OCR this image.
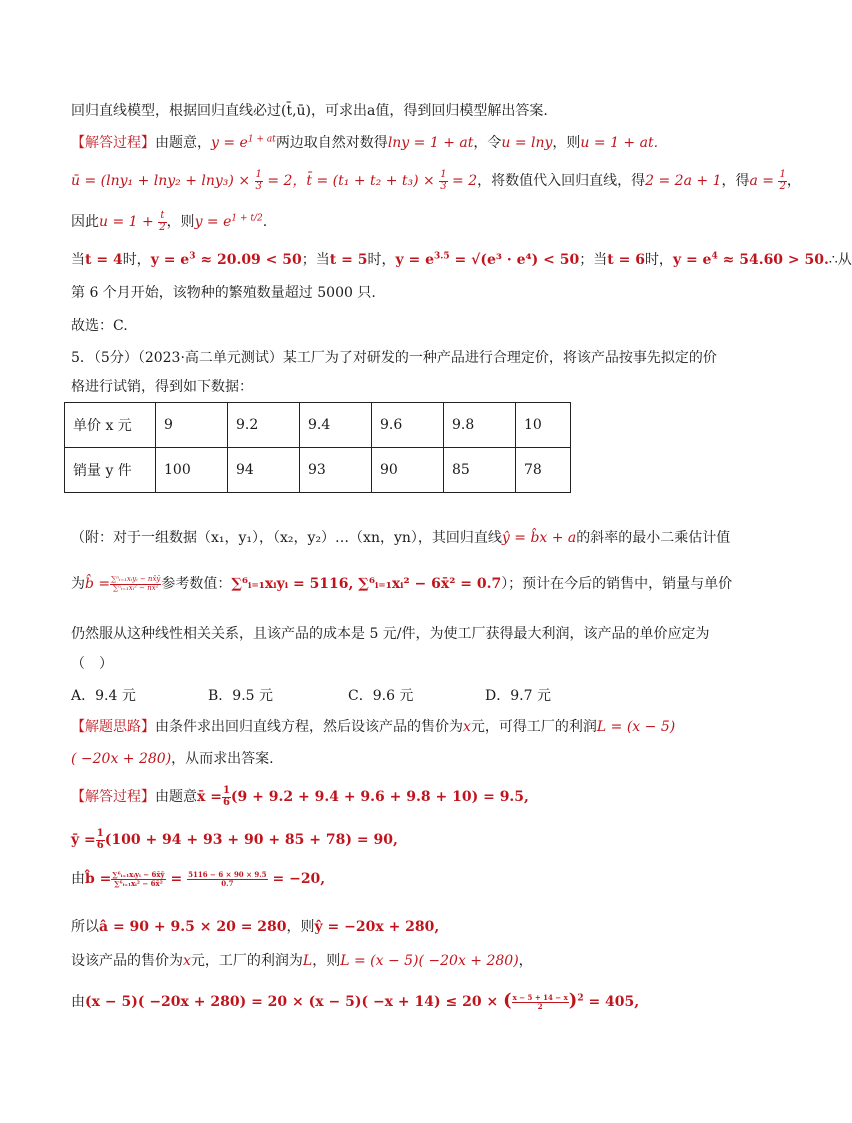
回归直线模型，根据回归直线必过(t̄,ū)，可求出a值，得到回归模型解出答案.
【解答过程】由题意，$y = e^{1 + at}$两边取自然对数得lny = 1 + at，令u = lny，则u = 1 + at.
ū = $(\ln y_1 + \ln y_2 + \ln y_3) \times \frac{1}{3} = 2$，t̄ = $(t_1 + t_2 + t_3) \times \frac{1}{3} = 2$，将数值代入回归直线，得2 = 2a + 1，得$a = \frac{1}{2}$ ，
因此$u = 1 + \frac{t}{2}$ ，则$y = e^{1 + t/2}$.
当t = 4时，$y = e^3 \approx 20.09 < 50$；当t = 5时，$y = e^{3.5} = √(e^3 \cdot e^4) < 50$；当t = 6时，$y = e^4 \approx 54.60$ > 50.∴从
第 6 个月开始，该物种的繁殖数量超过 5000 只.
故选：C.
5．（5分）（2023·高二单元测试）某工厂为了对研发的一种产品进行合理定价，将该产品按事先拟定的价
格进行试销，得到如下数据：
单价 x 元	9	9.2	9.4	9.6	9.8	10
销量 y 件	100	94	93	90	85	78
（附：对于一组数据（x₁，y₁），（x₂，y₂）…（xn，yn），其回归直线ŷ = b̂x + a的斜率的最小二乘估计值
为b̂ = $\frac{\text{∑ⁿᵢ₌₁xᵢyᵢ − nx̄ȳ}}{\text{∑ⁿᵢ₌₁xᵢ² − nx̄²}}$ 参考数值：∑⁶ᵢ₌₁xᵢyᵢ = 5116, ∑⁶ᵢ₌₁xᵢ² − 6x̄² = 0.7）；预计在今后的销售中，销量与单价
仍然服从这种线性相关关系，且该产品的成本是 5 元/件，为使工厂获得最大利润，该产品的单价应定为
（　）
A．9.4 元	B．9.5 元	C．9.6 元	D．9.7 元
【解题思路】由条件求出回归直线方程，然后设该产品的售价为x元，可得工厂的利润L = (x − 5)
( −20x + 280)，从而求出答案.
【解答过程】由题意x̄ = $\frac{1}{6} (9 + 9.2 + 9.4 + 9.6 + 9.8 + 10) = 9.5$,
ȳ = $\frac{1}{6} (100 + 94 + 93 + 90 + 85 + 78) = 90$,
由b̂ = $\frac{\text{∑⁶ᵢ₌₁xᵢyᵢ − 6x̄ȳ}}{\text{∑⁶ᵢ₌₁xᵢ² − 6x̄²}} = \frac{5116 - 6 \times 90 \times 9.5}{0.7} = -20$,
所以â = 90 + 9.5 × 20 = 280，则ŷ = −20x + 280,
设该产品的售价为x元，工厂的利润为L，则L = (x − 5)( −20x + 280)，
由(x − 5)( −20x + 280) = 20 × (x − 5)( −x + 14) ≤ 20 × ( $\frac{x - 5 + 14 - x}{2} )^2 = 405$,
